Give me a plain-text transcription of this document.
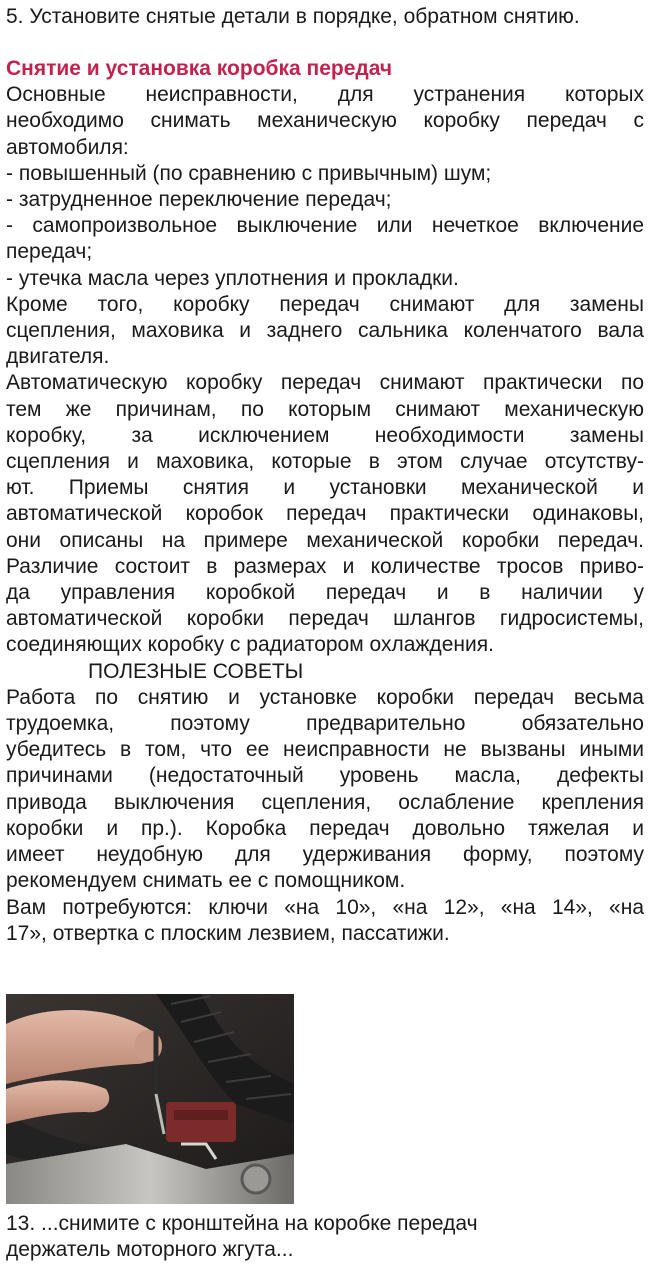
5. Установите снятые детали в порядке, обратном снятию.
Снятие и установка коробка передач
Основные неисправности, для устранения которых
необходимо снимать механическую коробку передач с
автомобиля:
- повышенный (по сравнению с привычным) шум;
- затрудненное переключение передач;
- самопроизвольное выключение или нечеткое включение
передач;
- утечка масла через уплотнения и прокладки.
Кроме того, коробку передач снимают для замены
сцепления, маховика и заднего сальника коленчатого вала
двигателя.
Автоматическую коробку передач снимают практически по
тем же причинам, по которым снимают механическую
коробку, за исключением необходимости замены
сцепления и маховика, которые в этом случае отсутству-
ют. Приемы снятия и установки механической и
автоматической коробок передач практически одинаковы,
они описаны на примере механической коробки передач.
Различие состоит в размерах и количестве тросов приво-
да управления коробкой передач и в наличии у
автоматической коробки передач шлангов гидросистемы,
соединяющих коробку с радиатором охлаждения.
ПОЛЕЗНЫЕ СОВЕТЫ
Работа по снятию и установке коробки передач весьма
трудоемка, поэтому предварительно обязательно
убедитесь в том, что ее неисправности не вызваны иными
причинами (недостаточный уровень масла, дефекты
привода выключения сцепления, ослабление крепления
коробки и пр.). Коробка передач довольно тяжелая и
имеет неудобную для удерживания форму, поэтому
рекомендуем снимать ее с помощником.
Вам потребуются: ключи «на 10», «на 12», «на 14», «на
17», отвертка с плоским лезвием, пассатижи.
13. ...снимите с кронштейна на коробке передач
держатель моторного жгута...
